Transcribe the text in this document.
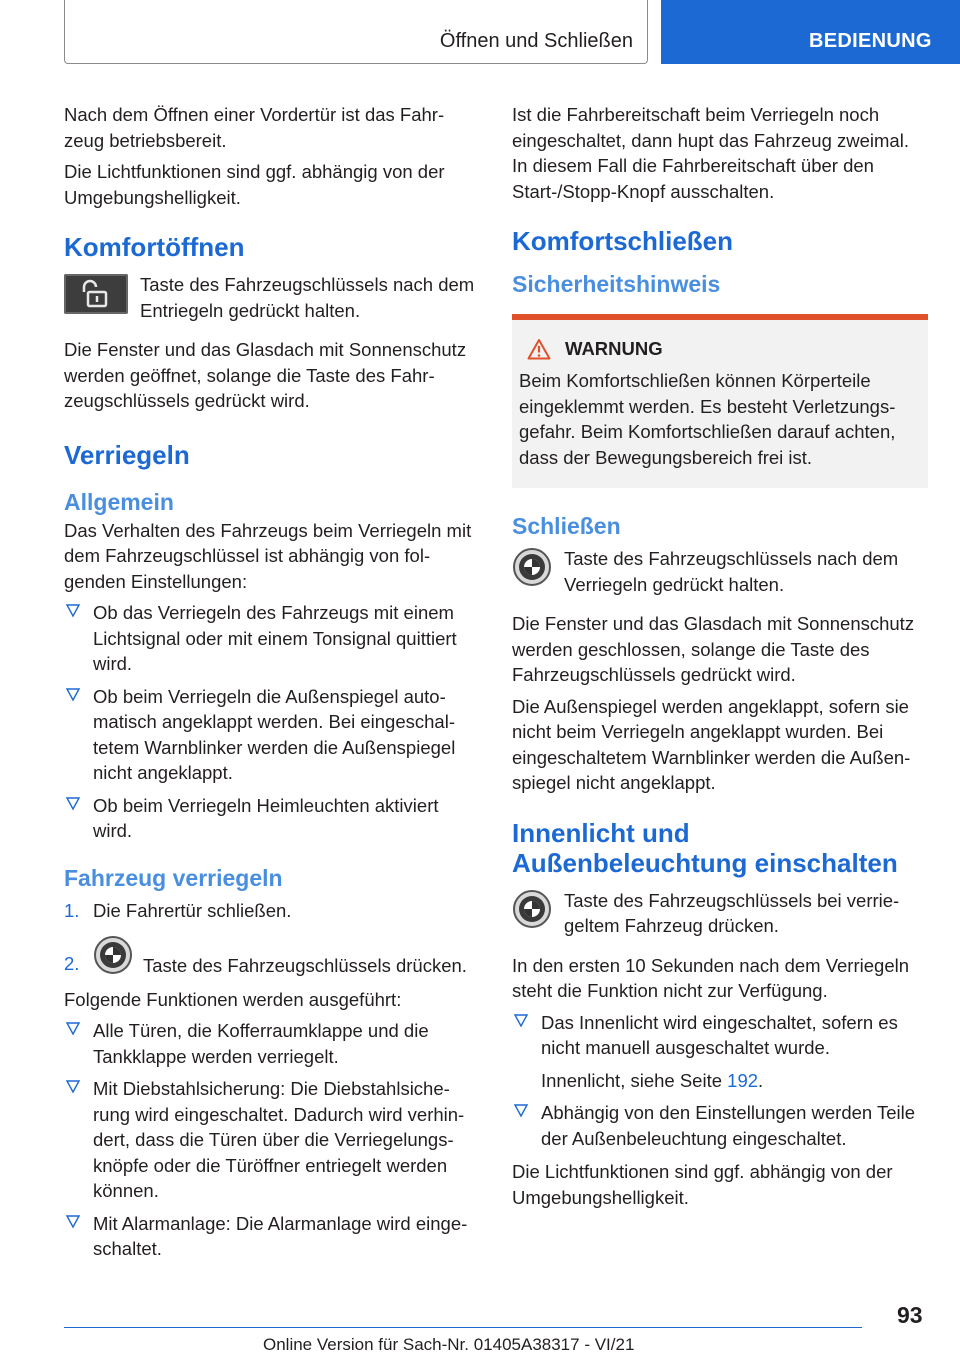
Öffnen und Schließen	BEDIENUNG

Nach dem Öffnen einer Vordertür ist das Fahrzeug betriebsbereit.

Die Lichtfunktionen sind ggf. abhängig von der Umgebungshelligkeit.

Komfortöffnen
Taste des Fahrzeugschlüssels nach dem Entriegeln gedrückt halten.

Die Fenster und das Glasdach mit Sonnenschutz werden geöffnet, solange die Taste des Fahrzeugschlüssels gedrückt wird.

Verriegeln
Allgemein

Das Verhalten des Fahrzeugs beim Verriegeln mit dem Fahrzeugschlüssel ist abhängig von folgenden Einstellungen:

Ob das Verriegeln des Fahrzeugs mit einem Lichtsignal oder mit einem Tonsignal quittiert wird.
Ob beim Verriegeln die Außenspiegel automatisch angeklappt werden. Bei eingeschaltetem Warnblinker werden die Außenspiegel nicht angeklappt.
Ob beim Verriegeln Heimleuchten aktiviert wird.
Fahrzeug verriegeln
1. Die Fahrertür schließen.
2.	Taste des Fahrzeugschlüssels drücken.

Folgende Funktionen werden ausgeführt:

Alle Türen, die Kofferraumklappe und die Tankklappe werden verriegelt.
Mit Diebstahlsicherung: Die Diebstahlsicherung wird eingeschaltet. Dadurch wird verhindert, dass die Türen über die Verriegelungsknöpfe oder die Türöffner entriegelt werden können.
Mit Alarmanlage: Die Alarmanlage wird eingeschaltet.

Ist die Fahrbereitschaft beim Verriegeln noch eingeschaltet, dann hupt das Fahrzeug zweimal. In diesem Fall die Fahrbereitschaft über den Start-/Stopp-Knopf ausschalten.

Komfortschließen
Sicherheitshinweis
WARNUNG

Beim Komfortschließen können Körperteile eingeklemmt werden. Es besteht Verletzungsgefahr. Beim Komfortschließen darauf achten, dass der Bewegungsbereich frei ist.

Schließen
Taste des Fahrzeugschlüssels nach dem Verriegeln gedrückt halten.

Die Fenster und das Glasdach mit Sonnenschutz werden geschlossen, solange die Taste des Fahrzeugschlüssels gedrückt wird.

Die Außenspiegel werden angeklappt, sofern sie nicht beim Verriegeln angeklappt wurden. Bei eingeschaltetem Warnblinker werden die Außenspiegel nicht angeklappt.

Innenlicht und Außenbeleuchtung einschalten
Taste des Fahrzeugschlüssels bei verriegeltem Fahrzeug drücken.

In den ersten 10 Sekunden nach dem Verriegeln steht die Funktion nicht zur Verfügung.

Das Innenlicht wird eingeschaltet, sofern es nicht manuell ausgeschaltet wurde.
Innenlicht, siehe Seite 192.
Abhängig von den Einstellungen werden Teile der Außenbeleuchtung eingeschaltet.

Die Lichtfunktionen sind ggf. abhängig von der Umgebungshelligkeit.

93
Online Version für Sach-Nr. 01405A38317 - VI/21
